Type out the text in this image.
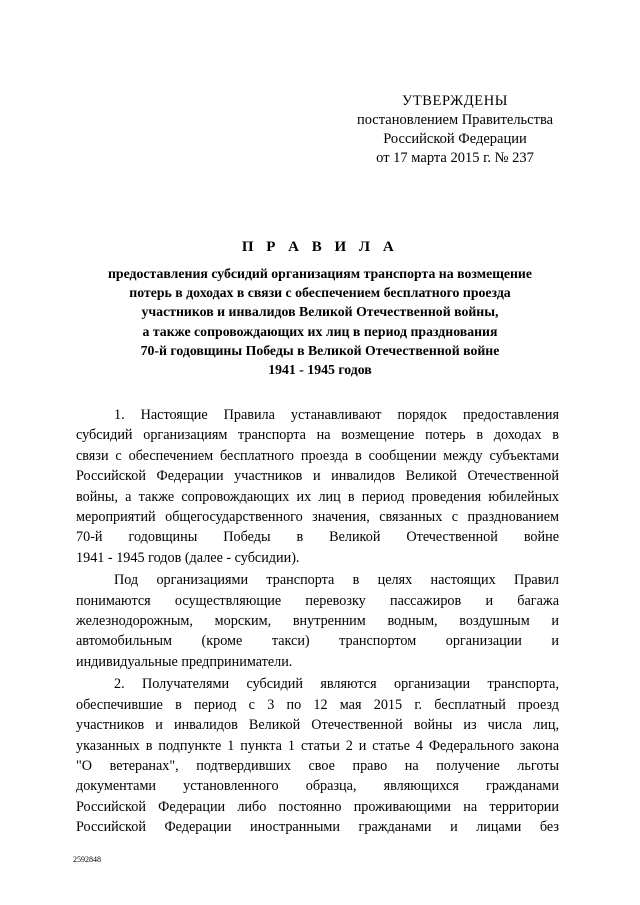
УТВЕРЖДЕНЫ
постановлением Правительства
Российской Федерации
от 17 марта 2015 г. № 237
П Р А В И Л А
предоставления субсидий организациям транспорта на возмещение
потерь в доходах в связи с обеспечением бесплатного проезда
участников и инвалидов Великой Отечественной войны,
а также сопровождающих их лиц в период празднования
70-й годовщины Победы в Великой Отечественной войне
1941 - 1945 годов
1. Настоящие Правила устанавливают порядок предоставления
субсидий организациям транспорта на возмещение потерь в доходах в
связи с обеспечением бесплатного проезда в сообщении между субъектами
Российской Федерации участников и инвалидов Великой Отечественной
войны, а также сопровождающих их лиц в период проведения юбилейных
мероприятий общегосударственного значения, связанных с празднованием
70-й годовщины Победы в Великой Отечественной войне
1941 - 1945 годов (далее - субсидии).
Под организациями транспорта в целях настоящих Правил
понимаются осуществляющие перевозку пассажиров и багажа
железнодорожным, морским, внутренним водным, воздушным и
автомобильным (кроме такси) транспортом организации и
индивидуальные предприниматели.
2. Получателями субсидий являются организации транспорта,
обеспечившие в период с 3 по 12 мая 2015 г. бесплатный проезд
участников и инвалидов Великой Отечественной войны из числа лиц,
указанных в подпункте 1 пункта 1 статьи 2 и статье 4 Федерального закона
"О ветеранах", подтвердивших свое право на получение льготы
документами установленного образца, являющихся гражданами
Российской Федерации либо постоянно проживающими на территории
Российской Федерации иностранными гражданами и лицами без
2592848
